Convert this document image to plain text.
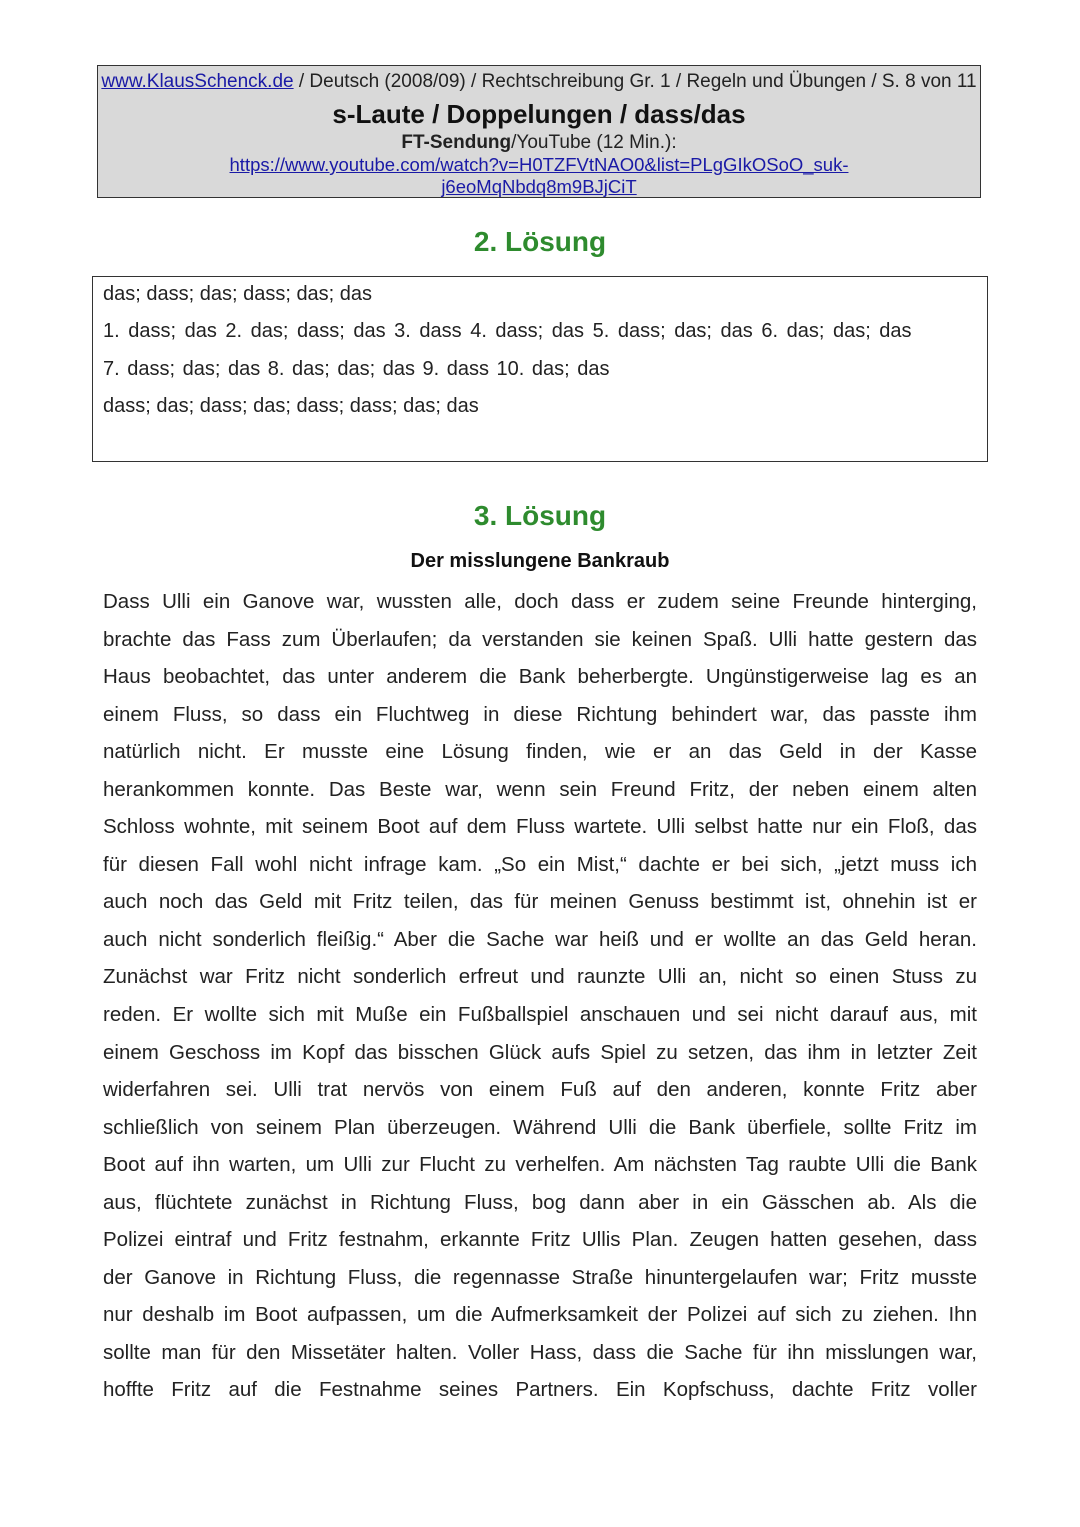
www.KlausSchenck.de / Deutsch (2008/09) / Rechtschreibung Gr. 1 / Regeln und Übungen / S. 8 von 11
s-Laute / Doppelungen / dass/das
FT-Sendung/YouTube (12 Min.):
https://www.youtube.com/watch?v=H0TZFVtNAO0&list=PLgGIkOSoO_suk-
j6eoMqNbdq8m9BJjCiT
2. Lösung
das; dass; das; dass; das; das
1. dass; das 2. das; dass; das 3. dass 4. dass; das 5. dass; das; das 6. das; das; das
7. dass; das; das 8. das; das; das 9. dass 10. das; das
dass; das; dass; das; dass; dass; das; das
3. Lösung
Der misslungene Bankraub
Dass Ulli ein Ganove war, wussten alle, doch dass er zudem seine Freunde hinterging,
brachte das Fass zum Überlaufen; da verstanden sie keinen Spaß. Ulli hatte gestern das
Haus beobachtet, das unter anderem die Bank beherbergte. Ungünstigerweise lag es an
einem Fluss, so dass ein Fluchtweg in diese Richtung behindert war, das passte ihm
natürlich nicht. Er musste eine Lösung finden, wie er an das Geld in der Kasse
herankommen konnte. Das Beste war, wenn sein Freund Fritz, der neben einem alten
Schloss wohnte, mit seinem Boot auf dem Fluss wartete. Ulli selbst hatte nur ein Floß, das
für diesen Fall wohl nicht infrage kam. „So ein Mist,“ dachte er bei sich, „jetzt muss ich
auch noch das Geld mit Fritz teilen, das für meinen Genuss bestimmt ist, ohnehin ist er
auch nicht sonderlich fleißig.“ Aber die Sache war heiß und er wollte an das Geld heran.
Zunächst war Fritz nicht sonderlich erfreut und raunzte Ulli an, nicht so einen Stuss zu
reden. Er wollte sich mit Muße ein Fußballspiel anschauen und sei nicht darauf aus, mit
einem Geschoss im Kopf das bisschen Glück aufs Spiel zu setzen, das ihm in letzter Zeit
widerfahren sei. Ulli trat nervös von einem Fuß auf den anderen, konnte Fritz aber
schließlich von seinem Plan überzeugen. Während Ulli die Bank überfiele, sollte Fritz im
Boot auf ihn warten, um Ulli zur Flucht zu verhelfen. Am nächsten Tag raubte Ulli die Bank
aus, flüchtete zunächst in Richtung Fluss, bog dann aber in ein Gässchen ab. Als die
Polizei eintraf und Fritz festnahm, erkannte Fritz Ullis Plan. Zeugen hatten gesehen, dass
der Ganove in Richtung Fluss, die regennasse Straße hinuntergelaufen war; Fritz musste
nur deshalb im Boot aufpassen, um die Aufmerksamkeit der Polizei auf sich zu ziehen. Ihn
sollte man für den Missetäter halten. Voller Hass, dass die Sache für ihn misslungen war,
hoffte Fritz auf die Festnahme seines Partners. Ein Kopfschuss, dachte Fritz voller
